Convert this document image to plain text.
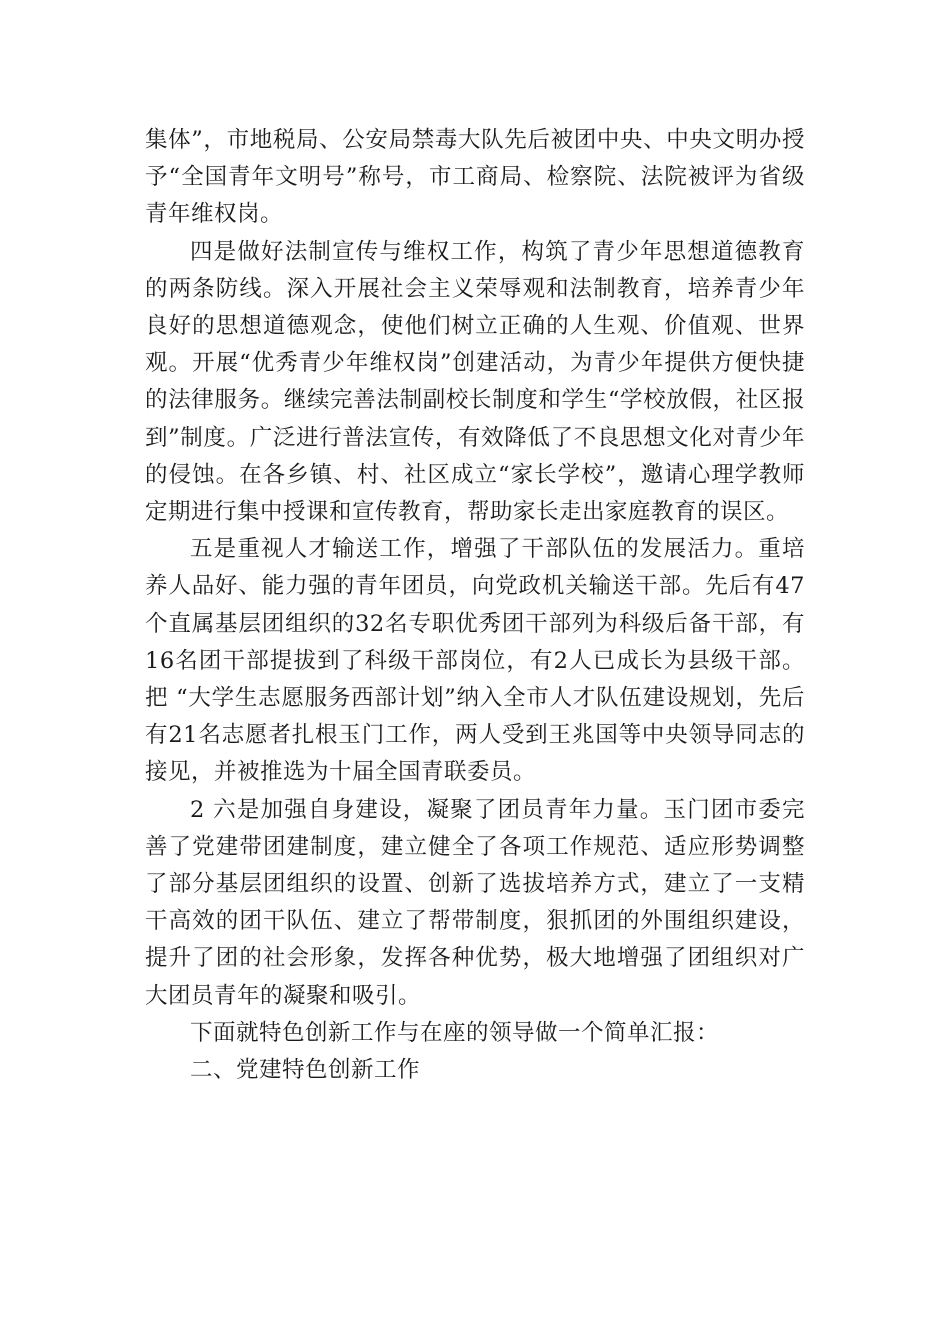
集体”，市地税局、公安局禁毒大队先后被团中央、中央文明办授予“全国青年文明号”称号，市工商局、检察院、法院被评为省级青年维权岗。

四是做好法制宣传与维权工作，构筑了青少年思想道德教育的两条防线。深入开展社会主义荣辱观和法制教育，培养青少年良好的思想道德观念，使他们树立正确的人生观、价值观、世界观。开展“优秀青少年维权岗”创建活动，为青少年提供方便快捷的法律服务。继续完善法制副校长制度和学生“学校放假，社区报到”制度。广泛进行普法宣传，有效降低了不良思想文化对青少年的侵蚀。在各乡镇、村、社区成立“家长学校”，邀请心理学教师定期进行集中授课和宣传教育，帮助家长走出家庭教育的误区。

五是重视人才输送工作，增强了干部队伍的发展活力。重培养人品好、能力强的青年团员，向党政机关输送干部。先后有47个直属基层团组织的32名专职优秀团干部列为科级后备干部，有 16名团干部提拔到了科级干部岗位，有2人已成长为县级干部。把 “大学生志愿服务西部计划”纳入全市人才队伍建设规划，先后有21名志愿者扎根玉门工作，两人受到王兆国等中央领导同志的接见，并被推选为十届全国青联委员。

2 六是加强自身建设，凝聚了团员青年力量。玉门团市委完善了党建带团建制度，建立健全了各项工作规范、适应形势调整了部分基层团组织的设置、创新了选拔培养方式，建立了一支精干高效的团干队伍、建立了帮带制度，狠抓团的外围组织建设，提升了团的社会形象，发挥各种优势，极大地增强了团组织对广大团员青年的凝聚和吸引。

下面就特色创新工作与在座的领导做一个简单汇报：

二、党建特色创新工作
